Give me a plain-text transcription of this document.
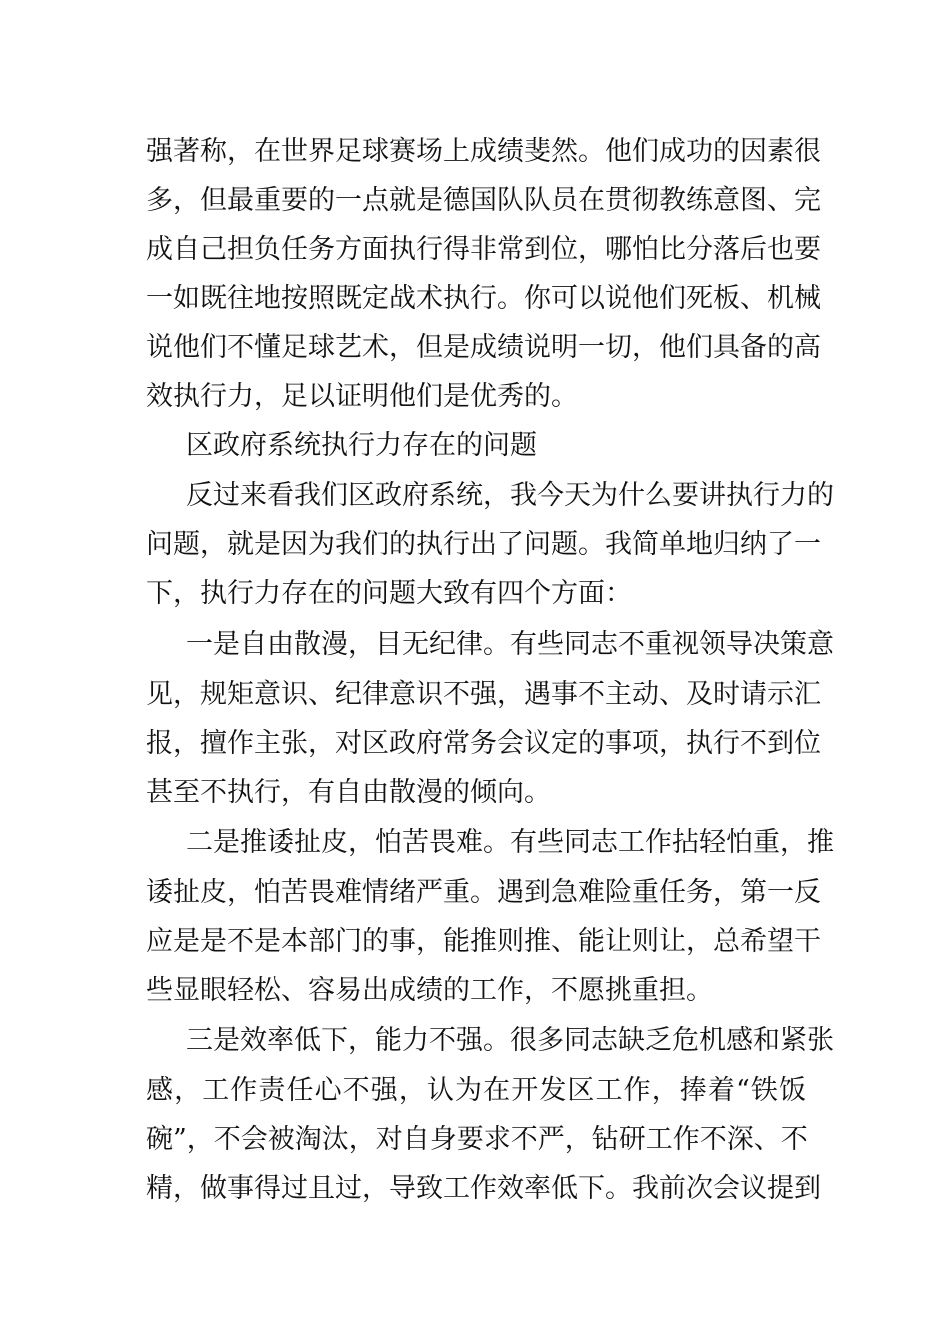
强著称，在世界足球赛场上成绩斐然。他们成功的因素很
多，但最重要的一点就是德国队队员在贯彻教练意图、完
成自己担负任务方面执行得非常到位，哪怕比分落后也要
一如既往地按照既定战术执行。你可以说他们死板、机械
说他们不懂足球艺术，但是成绩说明一切，他们具备的高
效执行力，足以证明他们是优秀的。
区政府系统执行力存在的问题
反过来看我们区政府系统，我今天为什么要讲执行力的
问题，就是因为我们的执行出了问题。我简单地归纳了一
下，执行力存在的问题大致有四个方面：
一是自由散漫，目无纪律。有些同志不重视领导决策意
见，规矩意识、纪律意识不强，遇事不主动、及时请示汇
报，擅作主张，对区政府常务会议定的事项，执行不到位
甚至不执行，有自由散漫的倾向。
二是推诿扯皮，怕苦畏难。有些同志工作拈轻怕重，推
诿扯皮，怕苦畏难情绪严重。遇到急难险重任务，第一反
应是是不是本部门的事，能推则推、能让则让，总希望干
些显眼轻松、容易出成绩的工作，不愿挑重担。
三是效率低下，能力不强。很多同志缺乏危机感和紧张
感，工作责任心不强，认为在开发区工作，捧着“铁饭
碗”，不会被淘汰，对自身要求不严，钻研工作不深、不
精，做事得过且过，导致工作效率低下。我前次会议提到
